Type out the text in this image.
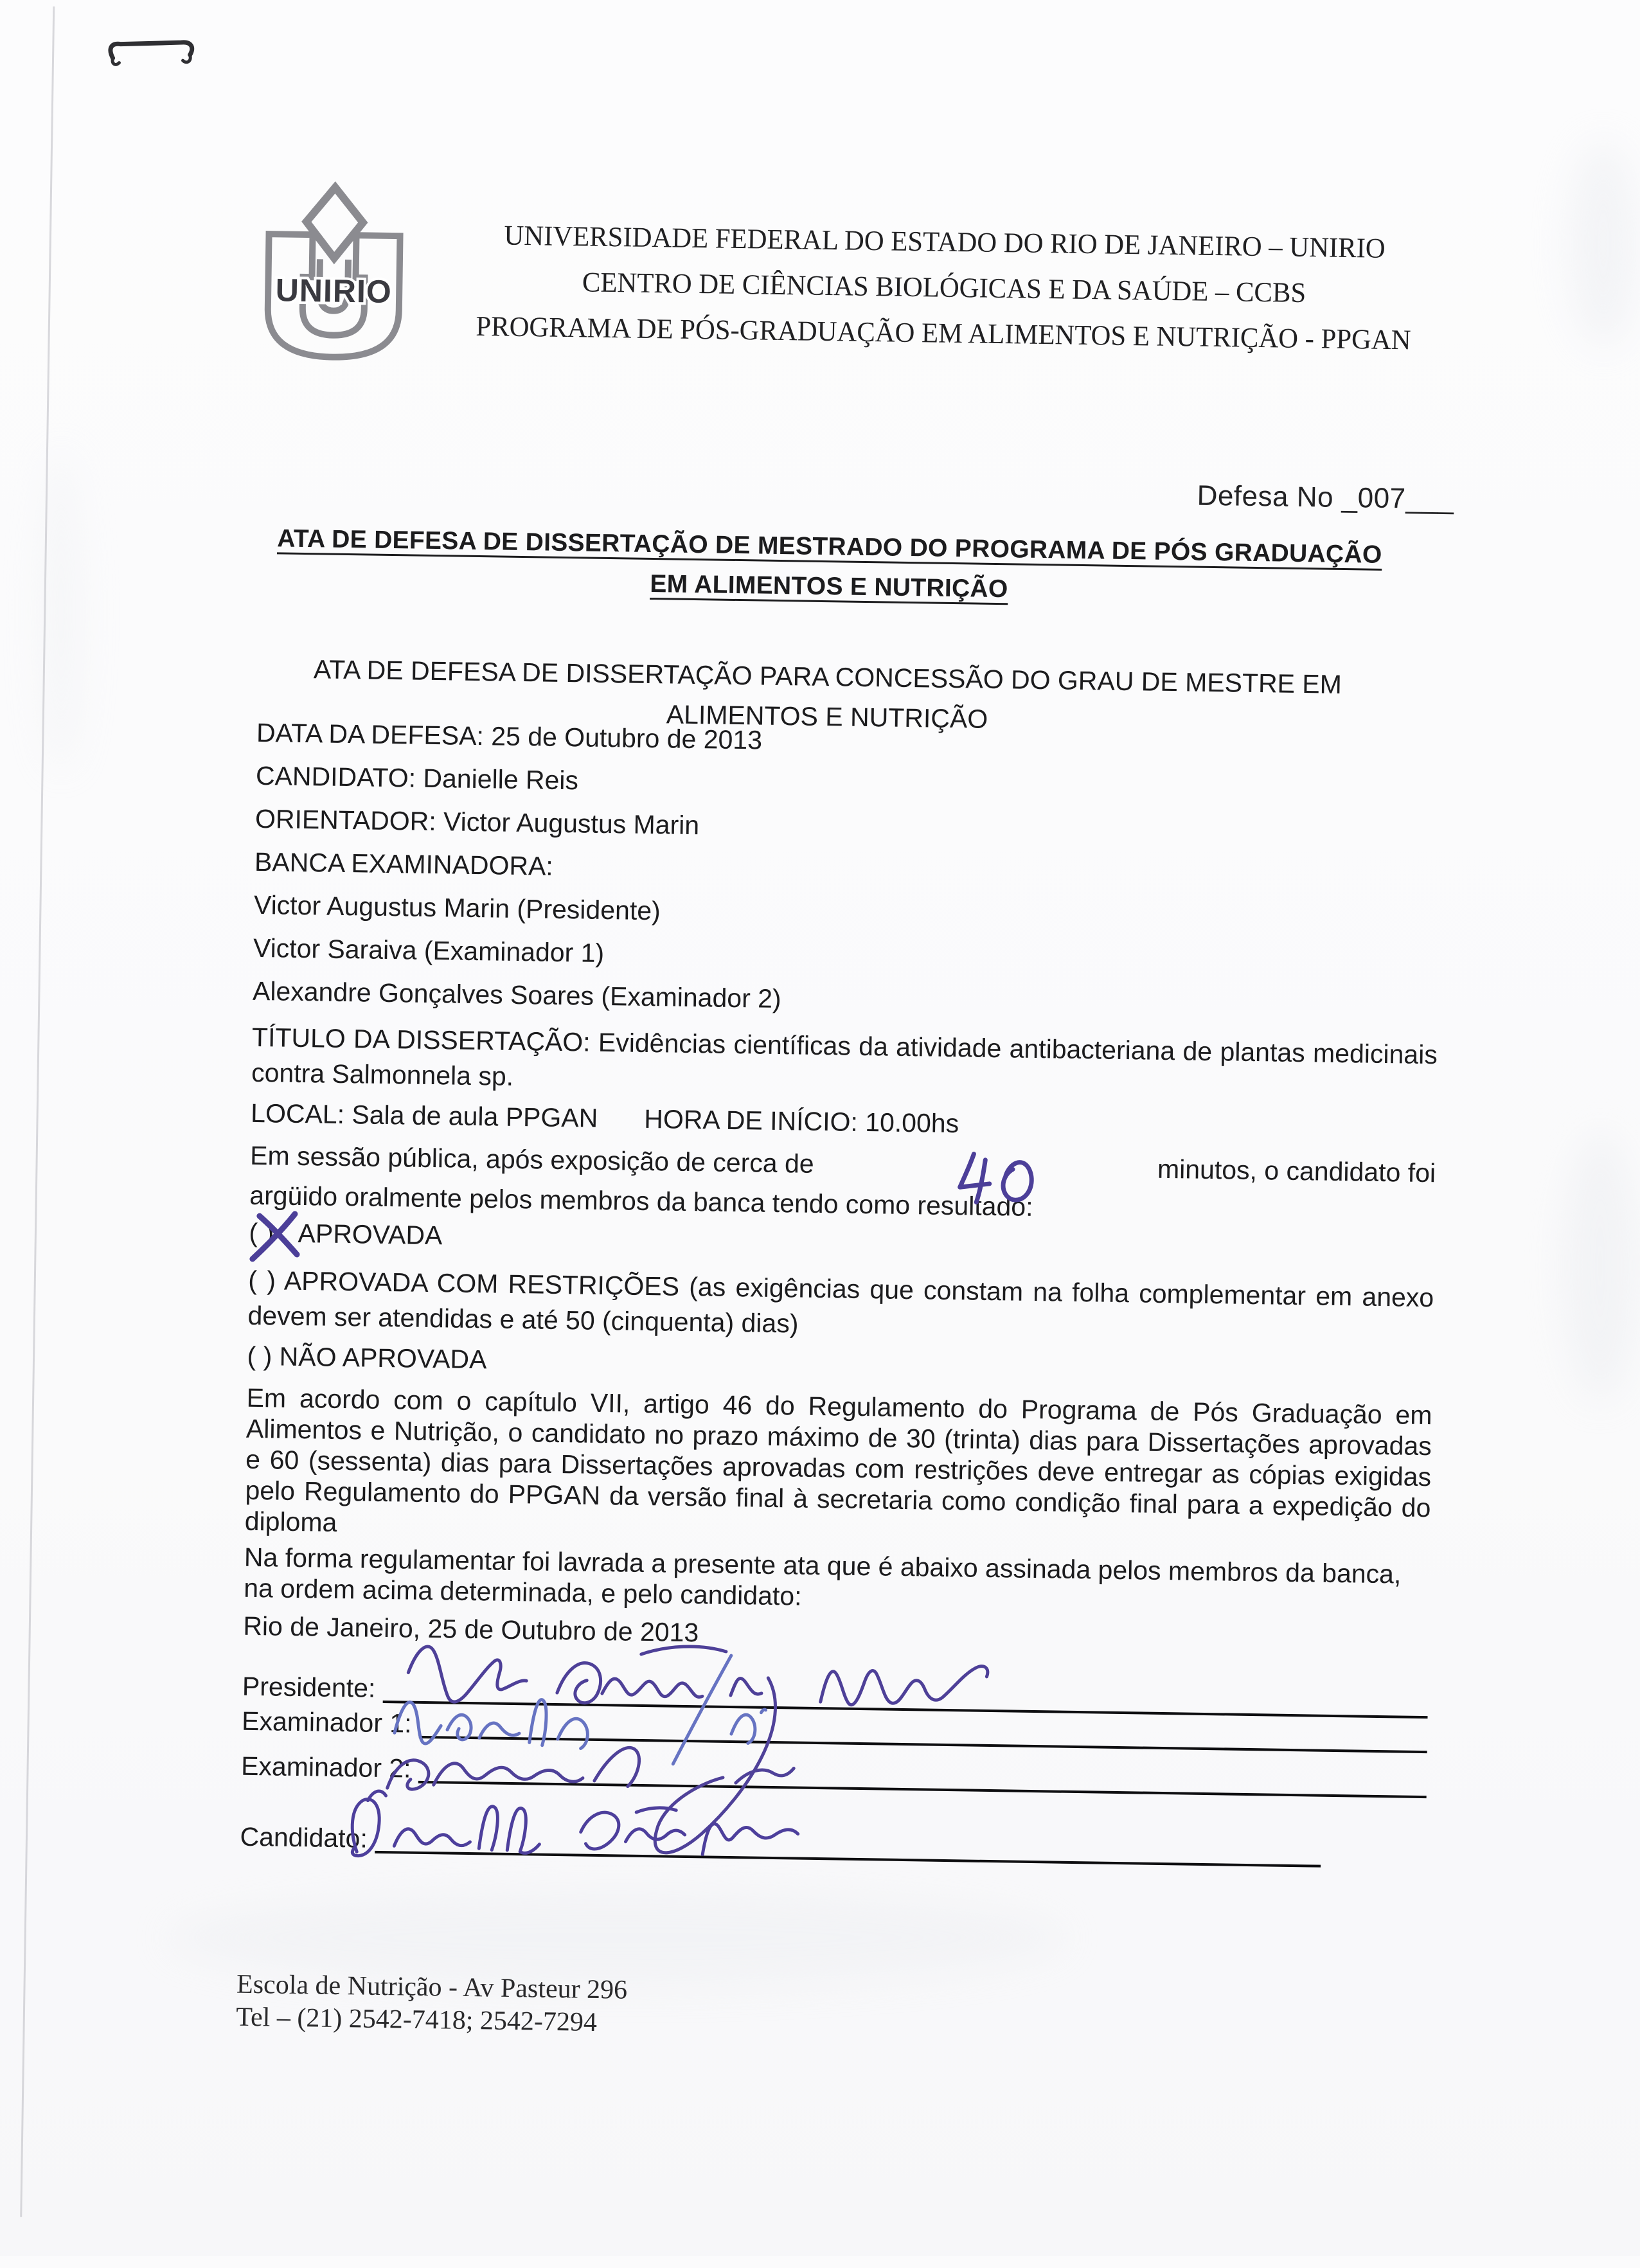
UNIRIO
UNIVERSIDADE FEDERAL DO ESTADO DO RIO DE JANEIRO – UNIRIO
CENTRO DE CIÊNCIAS BIOLÓGICAS E DA SAÚDE – CCBS
PROGRAMA DE PÓS-GRADUAÇÃO EM ALIMENTOS E NUTRIÇÃO - PPGAN
Defesa No _007___
ATA DE DEFESA DE DISSERTAÇÃO DE MESTRADO DO PROGRAMA DE PÓS GRADUAÇÃO
EM ALIMENTOS E NUTRIÇÃO
ATA DE DEFESA DE DISSERTAÇÃO PARA CONCESSÃO DO GRAU DE MESTRE EM
ALIMENTOS E NUTRIÇÃO
DATA DA DEFESA: 25 de Outubro de 2013
CANDIDATO: Danielle Reis
ORIENTADOR: Victor Augustus Marin
BANCA EXAMINADORA:
Victor Augustus Marin (Presidente)
Victor Saraiva (Examinador 1)
Alexandre Gonçalves Soares (Examinador 2)
TÍTULO DA DISSERTAÇÃO: Evidências científicas da atividade antibacteriana de plantas medicinais contra Salmonnela sp.
LOCAL: Sala de aula PPGAN HORA DE INÍCIO: 10.00hs
Em sessão pública, após exposição de cerca de	minutos, o candidato foi
argüido oralmente pelos membros da banca tendo como resultado:
( ) APROVADA
( ) APROVADA COM RESTRIÇÕES (as exigências que constam na folha complementar em anexo devem ser atendidas e até 50 (cinquenta) dias)
( ) NÃO APROVADA
Em acordo com o capítulo VII, artigo 46 do Regulamento do Programa de Pós Graduação em Alimentos e Nutrição, o candidato no prazo máximo de 30 (trinta) dias para Dissertações aprovadas e 60 (sessenta) dias para Dissertações aprovadas com restrições deve entregar as cópias exigidas pelo Regulamento do PPGAN da versão final à secretaria como condição final para a expedição do diploma
Na forma regulamentar foi lavrada a presente ata que é abaixo assinada pelos membros da banca, na ordem acima determinada, e pelo candidato:
Rio de Janeiro, 25 de Outubro de 2013
Presidente:
Examinador 1:
Examinador 2:
Candidato:
Escola de Nutrição - Av Pasteur 296
Tel – (21) 2542-7418; 2542-7294
